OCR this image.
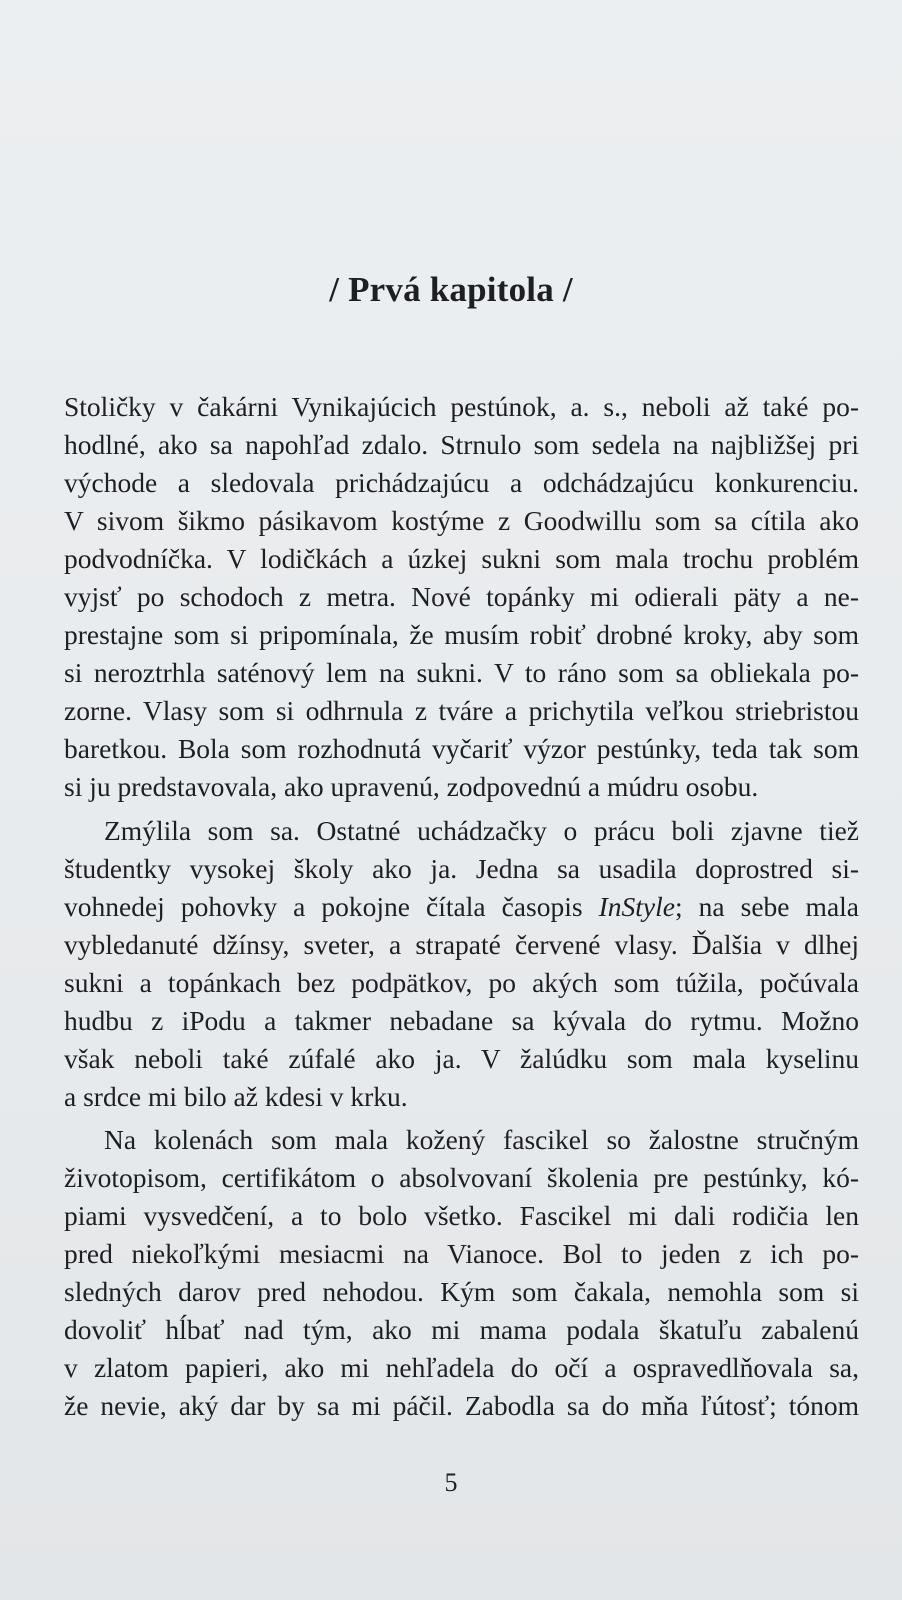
/ Prvá kapitola /
Stoličky v čakárni Vynikajúcich pestúnok, a. s., neboli až také po-
hodlné, ako sa napohľad zdalo. Strnulo som sedela na najbližšej pri
východe a sledovala prichádzajúcu a odchádzajúcu konkurenciu.
V sivom šikmo pásikavom kostýme z Goodwillu som sa cítila ako
podvodníčka. V lodičkách a úzkej sukni som mala trochu problém
vyjsť po schodoch z metra. Nové topánky mi odierali päty a ne-
prestajne som si pripomínala, že musím robiť drobné kroky, aby som
si neroztrhla saténový lem na sukni. V to ráno som sa obliekala po-
zorne. Vlasy som si odhrnula z tváre a prichytila veľkou striebristou
baretkou. Bola som rozhodnutá vyčariť výzor pestúnky, teda tak som
si ju predstavovala, ako upravenú, zodpovednú a múdru osobu.
Zmýlila som sa. Ostatné uchádzačky o prácu boli zjavne tiež
študentky vysokej školy ako ja. Jedna sa usadila doprostred si-
vohnedej pohovky a pokojne čítala časopis InStyle; na sebe mala
vybledanuté džínsy, sveter, a strapaté červené vlasy. Ďalšia v dlhej
sukni a topánkach bez podpätkov, po akých som túžila, počúvala
hudbu z iPodu a takmer nebadane sa kývala do rytmu. Možno
však neboli také zúfalé ako ja. V žalúdku som mala kyselinu
a srdce mi bilo až kdesi v krku.
Na kolenách som mala kožený fascikel so žalostne stručným
životopisom, certifikátom o absolvovaní školenia pre pestúnky, kó-
piami vysvedčení, a to bolo všetko. Fascikel mi dali rodičia len
pred niekoľkými mesiacmi na Vianoce. Bol to jeden z ich po-
sledných darov pred nehodou. Kým som čakala, nemohla som si
dovoliť hĺbať nad tým, ako mi mama podala škatuľu zabalenú
v zlatom papieri, ako mi nehľadela do očí a ospravedlňovala sa,
že nevie, aký dar by sa mi páčil. Zabodla sa do mňa ľútosť; tónom
5
